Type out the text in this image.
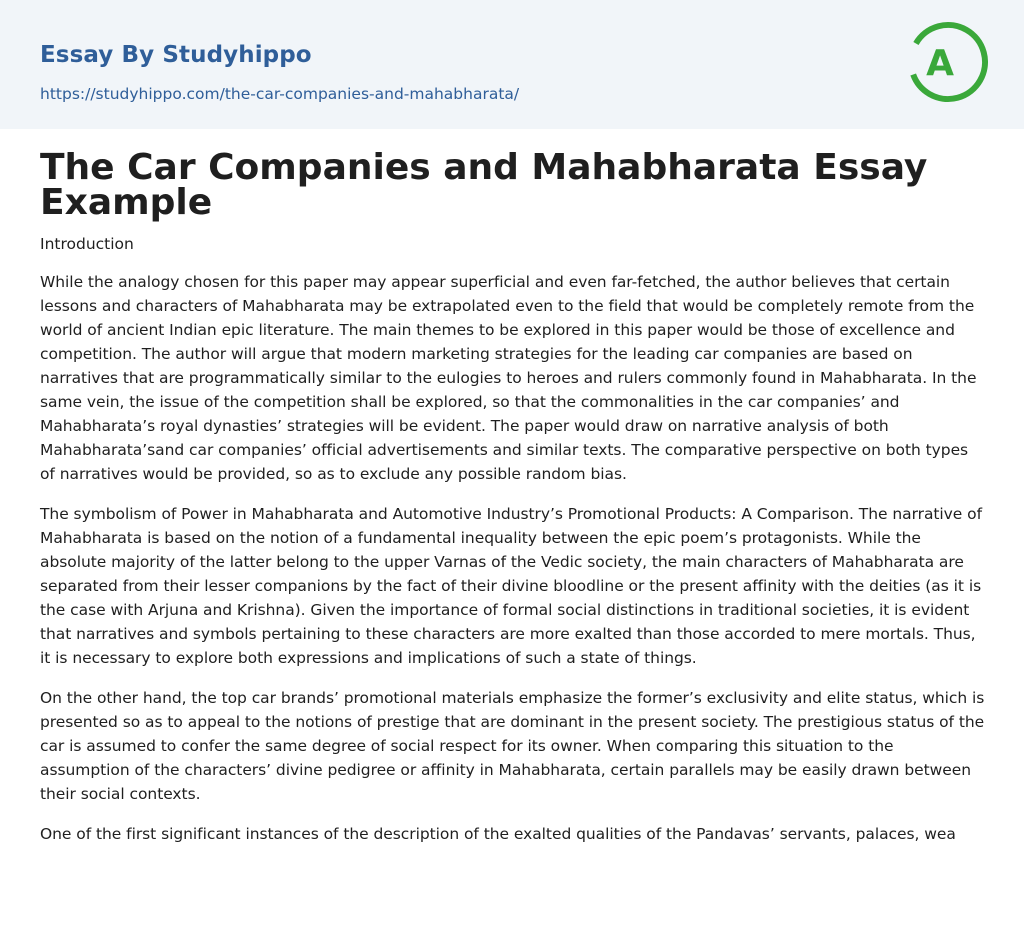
Essay By Studyhippo
https://studyhippo.com/the-car-companies-and-mahabharata/
A
The Car Companies and Mahabharata Essay Example

Introduction

While the analogy chosen for this paper may appear superficial and even far-fetched, the author believes that certain lessons and characters of Mahabharata may be extrapolated even to the field that would be completely remote from the world of ancient Indian epic literature. The main themes to be explored in this paper would be those of excellence and competition. The author will argue that modern marketing strategies for the leading car companies are based on narratives that are programmatically similar to the eulogies to heroes and rulers commonly found in Mahabharata. In the same vein, the issue of the competition shall be explored, so that the commonalities in the car companies’ and Mahabharata’s royal dynasties’ strategies will be evident. The paper would draw on narrative analysis of both Mahabharata’sand car companies’ official advertisements and similar texts. The comparative perspective on both types of narratives would be provided, so as to exclude any possible random bias.

The symbolism of Power in Mahabharata and Automotive Industry’s Promotional Products: A Comparison. The narrative of Mahabharata is based on the notion of a fundamental inequality between the epic poem’s protagonists. While the absolute majority of the latter belong to the upper Varnas of the Vedic society, the main characters of Mahabharata are separated from their lesser companions by the fact of their divine bloodline or the present affinity with the deities (as it is the case with Arjuna and Krishna). Given the importance of formal social distinctions in traditional societies, it is evident that narratives and symbols pertaining to these characters are more exalted than those accorded to mere mortals. Thus, it is necessary to explore both expressions and implications of such a state of things.

On the other hand, the top car brands’ promotional materials emphasize the former’s exclusivity and elite status, which is presented so as to appeal to the notions of prestige that are dominant in the present society. The prestigious status of the car is assumed to confer the same degree of social respect for its owner. When comparing this situation to the assumption of the characters’ divine pedigree or affinity in Mahabharata, certain parallels may be easily drawn between their social contexts.

One of the first significant instances of the description of the exalted qualities of the Pandavas’ servants, palaces, wea
